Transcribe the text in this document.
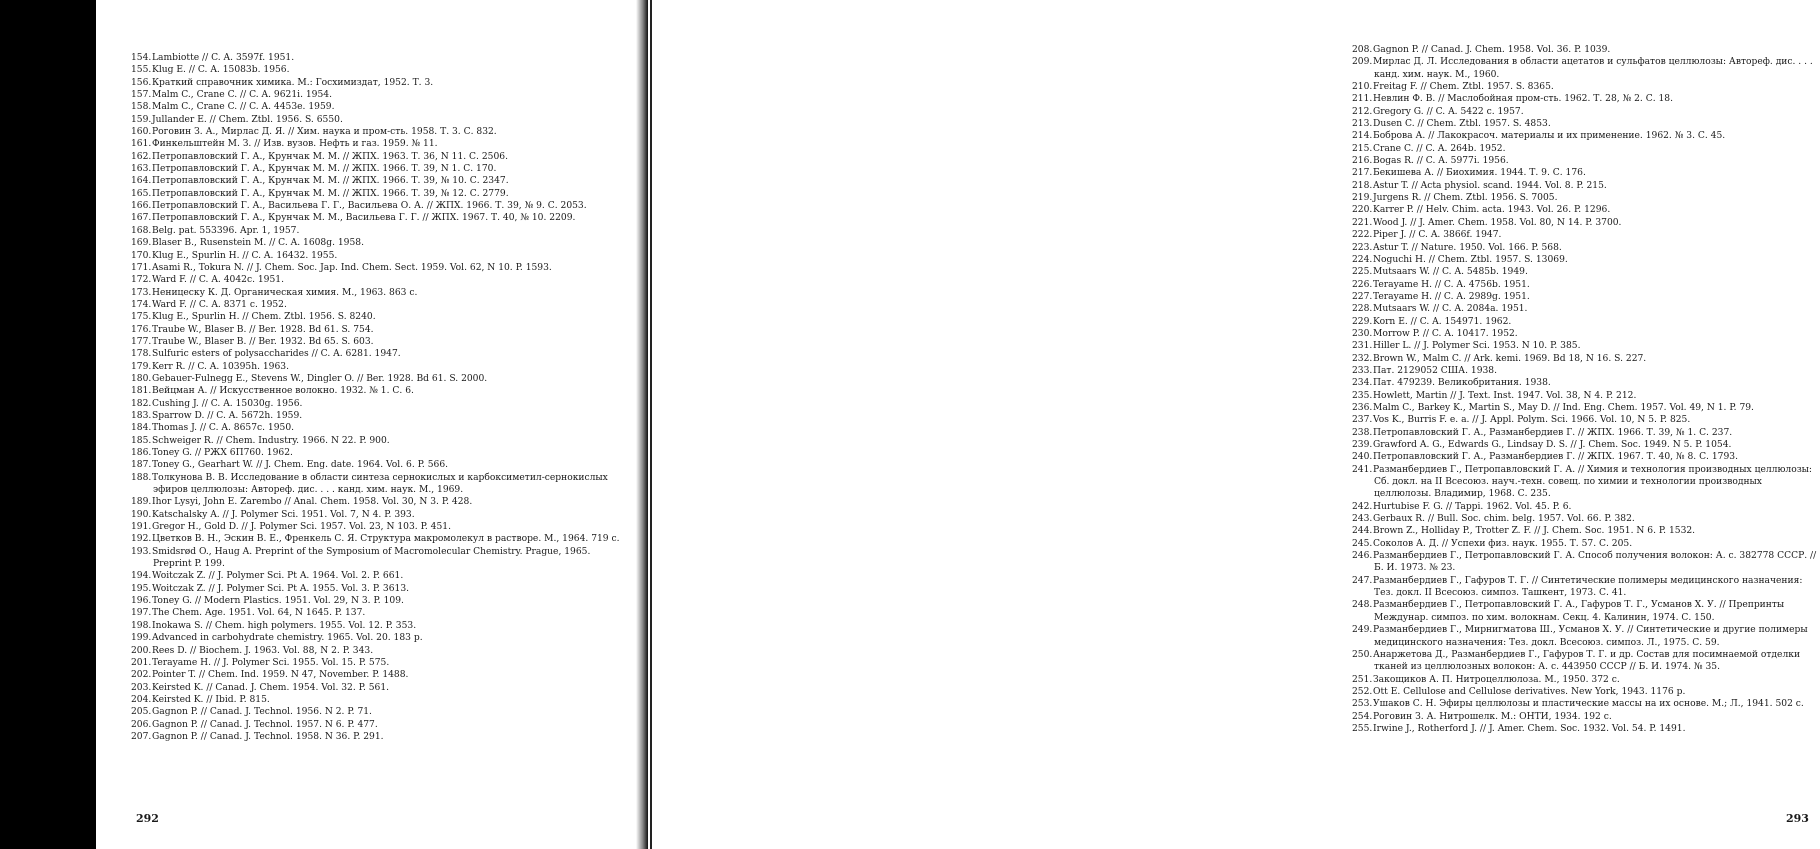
154.Lambiotte // C. A. 3597f. 1951.
155.Klug E. // C. A. 15083b. 1956.
156.Краткий справочник химика. М.: Госхимиздат, 1952. Т. 3.
157.Malm C., Crane C. // C. A. 9621i. 1954.
158.Malm C., Crane C. // C. A. 4453e. 1959.
159.Jullander E. // Chem. Ztbl. 1956. S. 6550.
160.Роговин З. А., Мирлас Д. Я. // Хим. наука и пром-сть. 1958. Т. 3. С. 832.
161.Финкельштейн М. З. // Изв. вузов. Нефть и газ. 1959. № 11.
162.Петропавловский Г. А., Крунчак М. М. // ЖПХ. 1963. Т. 36, N 11. С. 2506.
163.Петропавловский Г. А., Крунчак М. М. // ЖПХ. 1966. Т. 39, N 1. С. 170.
164.Петропавловский Г. А., Крунчак М. М. // ЖПХ. 1966. Т. 39, № 10. С. 2347.
165.Петропавловский Г. А., Крунчак М. М. // ЖПХ. 1966. Т. 39, № 12. С. 2779.
166.Петропавловский Г. А., Васильева Г. Г., Васильева О. А. // ЖПХ. 1966. Т. 39, № 9. С. 2053.
167.Петропавловский Г. А., Крунчак М. М., Васильева Г. Г. // ЖПХ. 1967. Т. 40, № 10. 2209.
168.Belg. pat. 553396. Apr. 1, 1957.
169.Blaser B., Rusenstein M. // C. A. 1608g. 1958.
170.Klug E., Spurlin H. // C. A. 16432. 1955.
171.Asami R., Tokura N. // J. Chem. Soc. Jap. Ind. Chem. Sect. 1959. Vol. 62, N 10. P. 1593.
172.Ward F. // C. A. 4042c. 1951.
173.Неницеску К. Д. Органическая химия. М., 1963. 863 с.
174.Ward F. // C. A. 8371 c. 1952.
175.Klug E., Spurlin H. // Chem. Ztbl. 1956. S. 8240.
176.Traube W., Blaser B. // Ber. 1928. Bd 61. S. 754.
177.Traube W., Blaser B. // Ber. 1932. Bd 65. S. 603.
178.Sulfuric esters of polysaccharides // C. A. 6281. 1947.
179.Kerr R. // C. A. 10395h. 1963.
180.Gebauer-Fulnegg E., Stevens W., Dingler O. // Ber. 1928. Bd 61. S. 2000.
181.Вейцман А. // Искусственное волокно. 1932. № 1. С. 6.
182.Cushing J. // C. A. 15030g. 1956.
183.Sparrow D. // C. A. 5672h. 1959.
184.Thomas J. // C. A. 8657c. 1950.
185.Schweiger R. // Chem. Industry. 1966. N 22. P. 900.
186.Toney G. // РЖХ 6П760. 1962.
187.Toney G., Gearhart W. // J. Chem. Eng. date. 1964. Vol. 6. P. 566.
188.Толкунова В. В. Исследование в области синтеза сернокислых и карбоксиметил-сернокислых эфиров целлюлозы: Автореф. дис. . . . канд. хим. наук. М., 1969.
189.Ihor Lysyi, John E. Zarembo // Anal. Chem. 1958. Vol. 30, N 3. P. 428.
190.Katschalsky A. // J. Polymer Sci. 1951. Vol. 7, N 4. P. 393.
191.Gregor H., Gold D. // J. Polymer Sci. 1957. Vol. 23, N 103. P. 451.
192.Цветков В. Н., Эскин В. Е., Френкель С. Я. Структура макромолекул в растворе. М., 1964. 719 с.
193.Smidsrød O., Haug A. Preprint of the Symposium of Macromolecular Chemistry. Prague, 1965. Preprint P. 199.
194.Woitczak Z. // J. Polymer Sci. Pt A. 1964. Vol. 2. P. 661.
195.Woitczak Z. // J. Polymer Sci. Pt A. 1955. Vol. 3. P. 3613.
196.Toney G. // Modern Plastics. 1951. Vol. 29, N 3. P. 109.
197.The Chem. Age. 1951. Vol. 64, N 1645. P. 137.
198.Inokawa S. // Chem. high polymers. 1955. Vol. 12. P. 353.
199.Advanced in carbohydrate chemistry. 1965. Vol. 20. 183 p.
200.Rees D. // Biochem. J. 1963. Vol. 88, N 2. P. 343.
201.Terayame H. // J. Polymer Sci. 1955. Vol. 15. P. 575.
202.Pointer T. // Chem. Ind. 1959. N 47, November. P. 1488.
203.Keirsted K. // Canad. J. Chem. 1954. Vol. 32. P. 561.
204.Keirsted K. // Ibid. P. 815.
205.Gagnon P. // Canad. J. Technol. 1956. N 2. P. 71.
206.Gagnon P. // Canad. J. Technol. 1957. N 6. P. 477.
207.Gagnon P. // Canad. J. Technol. 1958. N 36. P. 291.
292
208.Gagnon P. // Canad. J. Chem. 1958. Vol. 36. P. 1039.
209.Мирлас Д. Л. Исследования в области ацетатов и сульфатов целлюлозы: Автореф. дис. . . . канд. хим. наук. М., 1960.
210.Freitag F. // Chem. Ztbl. 1957. S. 8365.
211.Невлин Ф. В. // Маслобойная пром-сть. 1962. Т. 28, № 2. С. 18.
212.Gregory G. // C. A. 5422 c. 1957.
213.Dusen C. // Chem. Ztbl. 1957. S. 4853.
214.Боброва А. // Лакокрасоч. материалы и их применение. 1962. № 3. С. 45.
215.Crane C. // C. A. 264b. 1952.
216.Bogas R. // C. A. 5977i. 1956.
217.Бекишева А. // Биохимия. 1944. Т. 9. С. 176.
218.Astur T. // Acta physiol. scand. 1944. Vol. 8. P. 215.
219.Jurgens R. // Chem. Ztbl. 1956. S. 7005.
220.Karrer P. // Helv. Chim. acta. 1943. Vol. 26. P. 1296.
221.Wood J. // J. Amer. Chem. 1958. Vol. 80, N 14. P. 3700.
222.Piper J. // C. A. 3866f. 1947.
223.Astur T. // Nature. 1950. Vol. 166. P. 568.
224.Noguchi H. // Chem. Ztbl. 1957. S. 13069.
225.Mutsaars W. // C. A. 5485b. 1949.
226.Terayame H. // C. A. 4756b. 1951.
227.Terayame H. // C. A. 2989g. 1951.
228.Mutsaars W. // C. A. 2084a. 1951.
229.Korn E. // C. A. 154971. 1962.
230.Morrow P. // C. A. 10417. 1952.
231.Hiller L. // J. Polymer Sci. 1953. N 10. P. 385.
232.Brown W., Malm C. // Ark. kemi. 1969. Bd 18, N 16. S. 227.
233.Пат. 2129052 США. 1938.
234.Пат. 479239. Великобритания. 1938.
235.Howlett, Martin // J. Text. Inst. 1947. Vol. 38, N 4. P. 212.
236.Malm C., Barkey K., Martin S., May D. // Ind. Eng. Chem. 1957. Vol. 49, N 1. P. 79.
237.Vos K., Burris F. e. a. // J. Appl. Polym. Sci. 1966. Vol. 10, N 5. P. 825.
238.Петропавловский Г. А., Разманбердиев Г. // ЖПХ. 1966. Т. 39, № 1. С. 237.
239.Grawford A. G., Edwards G., Lindsay D. S. // J. Chem. Soc. 1949. N 5. P. 1054.
240.Петропавловский Г. А., Разманбердиев Г. // ЖПХ. 1967. Т. 40, № 8. С. 1793.
241.Разманбердиев Г., Петропавловский Г. А. // Химия и технология производных целлюлозы: Сб. докл. на II Всесоюз. науч.-техн. совещ. по химии и технологии производных целлюлозы. Владимир, 1968. С. 235.
242.Hurtubise F. G. // Tappi. 1962. Vol. 45. P. 6.
243.Gerbaux R. // Bull. Soc. chim. belg. 1957. Vol. 66. P. 382.
244.Brown Z., Holliday P., Trotter Z. F. // J. Chem. Soc. 1951. N 6. P. 1532.
245.Соколов А. Д. // Успехи физ. наук. 1955. Т. 57. С. 205.
246.Разманбердиев Г., Петропавловский Г. А. Способ получения волокон: А. с. 382778 СССР. // Б. И. 1973. № 23.
247.Разманбердиев Г., Гафуров Т. Г. // Синтетические полимеры медицинского назначения: Тез. докл. II Всесоюз. симпоз. Ташкент, 1973. С. 41.
248.Разманбердиев Г., Петропавловский Г. А., Гафуров Т. Г., Усманов Х. У. // Препринты Междунар. симпоз. по хим. волокнам. Секц. 4. Калинин, 1974. С. 150.
249.Разманбердиев Г., Мирнигматова Ш., Усманов Х. У. // Синтетические и другие полимеры медицинского назначения: Тез. докл. Всесоюз. симпоз. Л., 1975. С. 59.
250.Анаржетова Д., Разманбердиев Г., Гафуров Т. Г. и др. Состав для посимнаемой отделки тканей из целлюлозных волокон: А. с. 443950 СССР // Б. И. 1974. № 35.
251.Закощиков А. П. Нитроцеллюлоза. М., 1950. 372 с.
252.Ott E. Cellulose and Cellulose derivatives. New York, 1943. 1176 p.
253.Ушаков С. Н. Эфиры целлюлозы и пластические массы на их основе. М.; Л., 1941. 502 с.
254.Роговин З. А. Нитрошелк. М.: ОНТИ, 1934. 192 с.
255.Irwine J., Rotherford J. // J. Amer. Chem. Soc. 1932. Vol. 54. P. 1491.
293
